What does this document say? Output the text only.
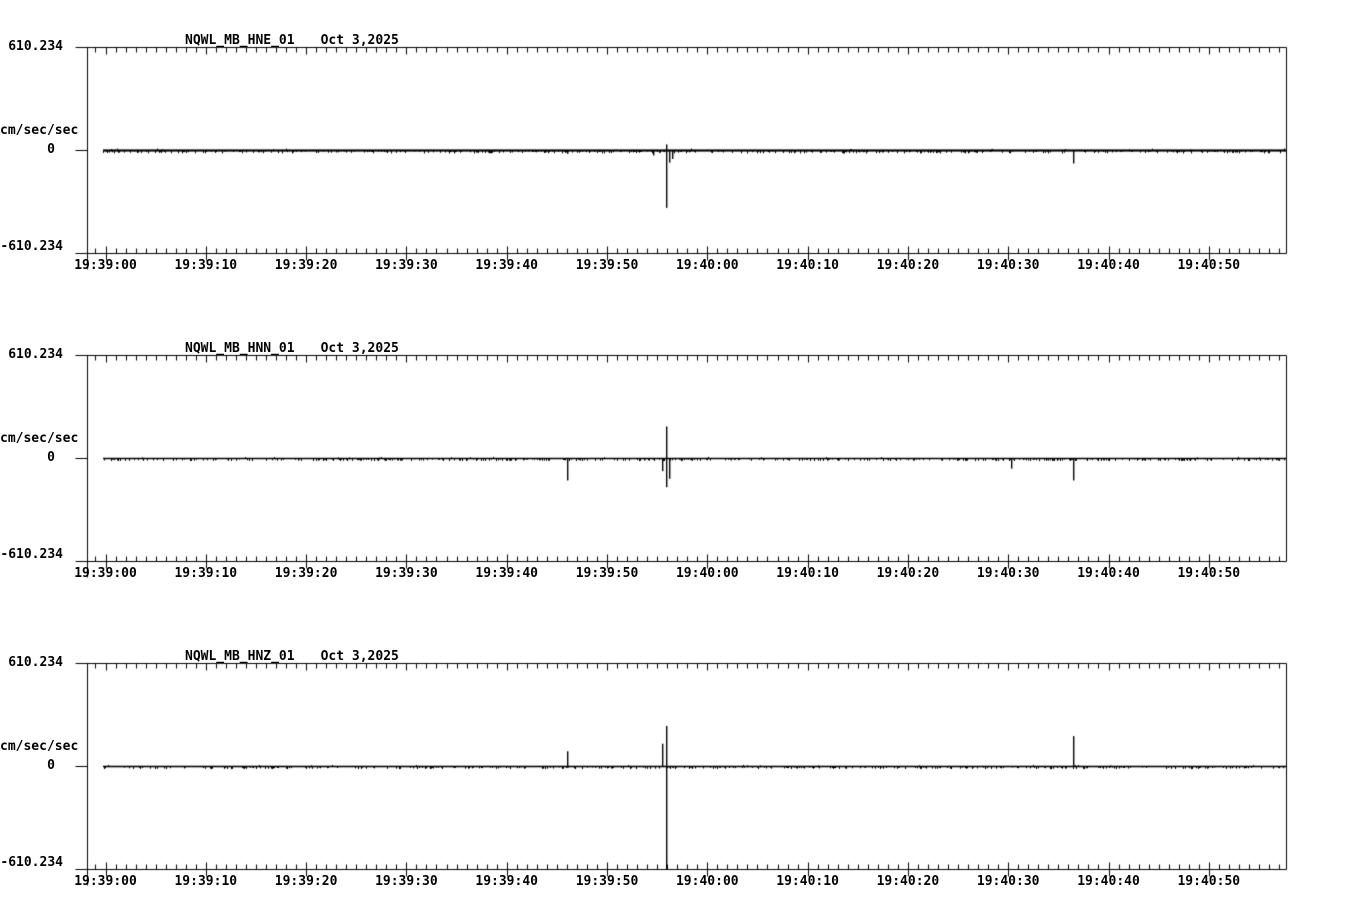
NQWL_MB_HNE_01 Oct 3,2025
610.234
cm/sec/sec
0
-610.234
19:39:00	19:39:10	19:39:20	19:39:30	19:39:40	19:39:50	19:40:00	19:40:10	19:40:20	19:40:30	19:40:40	19:40:50
NQWL_MB_HNN_01 Oct 3,2025
610.234
cm/sec/sec
0
-610.234
19:39:00	19:39:10	19:39:20	19:39:30	19:39:40	19:39:50	19:40:00	19:40:10	19:40:20	19:40:30	19:40:40	19:40:50
NQWL_MB_HNZ_01 Oct 3,2025
610.234
cm/sec/sec
0
-610.234
19:39:00	19:39:10	19:39:20	19:39:30	19:39:40	19:39:50	19:40:00	19:40:10	19:40:20	19:40:30	19:40:40	19:40:50
